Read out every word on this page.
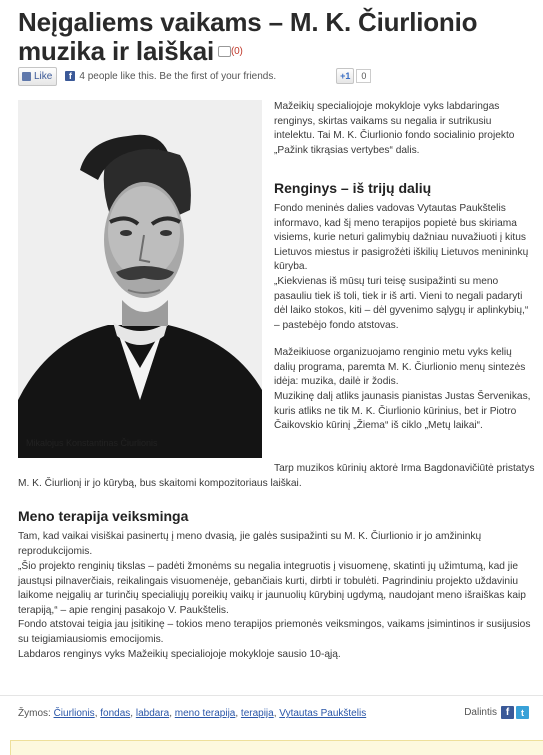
Neįgaliems vaikams – M. K. Čiurlionio muzika ir laiškai (0)
Like	f 4 people like this. Be the first of your friends.	+1	0
Mikalojus Konstantinas Čiurlionis

Mažeikių specialiojoje mokykloje vyks labdaringas renginys, skirtas vaikams su negalia ir sutrikusiu intelektu. Tai M. K. Čiurlionio fondo socialinio projekto „Pažink tikrąsias vertybes“ dalis.

Renginys – iš trijų dalių

Fondo meninės dalies vadovas Vytautas Paukštelis informavo, kad šį meno terapijos popietė bus skiriama visiems, kurie neturi galimybių dažniau nuvažiuoti į kitus Lietuvos miestus ir pasigrožėti iškilių Lietuvos menininkų kūryba.

„Kiekvienas iš mūsų turi teisę susipažinti su meno pasauliu tiek iš toli, tiek ir iš arti. Vieni to negali padaryti dėl laiko stokos, kiti – dėl gyvenimo sąlygų ir aplinkybių,“ – pastebėjo fondo atstovas.

Mažeikiuose organizuojamo renginio metu vyks kelių dalių programa, paremta M. K. Čiurlionio menų sintezės idėja: muzika, dailė ir žodis.

Muzikinę dalį atliks jaunasis pianistas Justas Šervenikas, kuris atliks ne tik M. K. Čiurlionio kūrinius, bet ir Piotro Čaikovskio kūrinį „Žiema“ iš ciklo „Metų laikai“.

Tarp muzikos kūrinių aktorė Irma Bagdonavičiūtė pristatys M. K. Čiurlionį ir jo kūrybą, bus skaitomi kompozitoriaus laiškai.

Meno terapija veiksminga

Tam, kad vaikai visiškai pasinertų į meno dvasią, jie galės susipažinti su M. K. Čiurlionio ir jo amžininkų reprodukcijomis.

„Šio projekto renginių tikslas – padėti žmonėms su negalia integruotis į visuomenę, skatinti jų užimtumą, kad jie jaustųsi pilnaverčiais, reikalingais visuomenėje, gebančiais kurti, dirbti ir tobulėti. Pagrindiniu projekto uždaviniu laikome neįgalių ar turinčių specialiųjų poreikių vaikų ir jaunuolių kūrybinį ugdymą, naudojant meno išraiškas kaip terapiją,“ – apie renginį pasakojo V. Paukštelis.

Fondo atstovai teigia jau įsitikinę – tokios meno terapijos priemonės veiksmingos, vaikams įsimintinos ir susijusios su teigiamiausiomis emocijomis.

Labdaros renginys vyks Mažeikių specialiojoje mokykloje sausio 10-ąją.

Žymos: Čiurlionis, fondas, labdara, meno terapija, terapija, Vytautas Paukštelis	Dalintis f	t
